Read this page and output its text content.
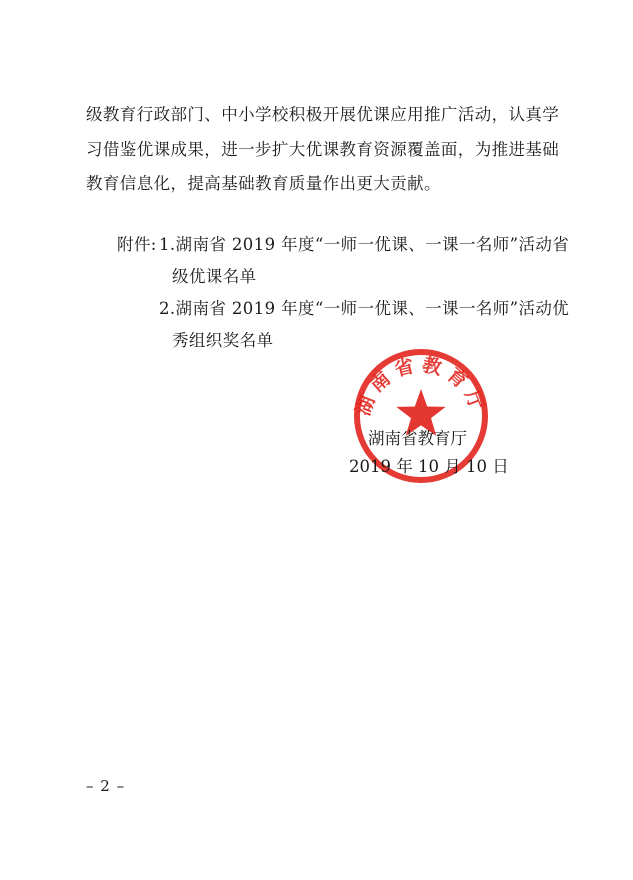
级教育行政部门、中小学校积极开展优课应用推广活动，认真学
习借鉴优课成果，进一步扩大优课教育资源覆盖面，为推进基础
教育信息化，提高基础教育质量作出更大贡献。
附件: 1.湖南省 2019 年度“一师一优课、一课一名师”活动省
级优课名单
2.湖南省 2019 年度“一师一优课、一课一名师”活动优
秀组织奖名单
湖南省教育厅
湖南省教育厅
2019 年 10 月 10 日
– 2 –
